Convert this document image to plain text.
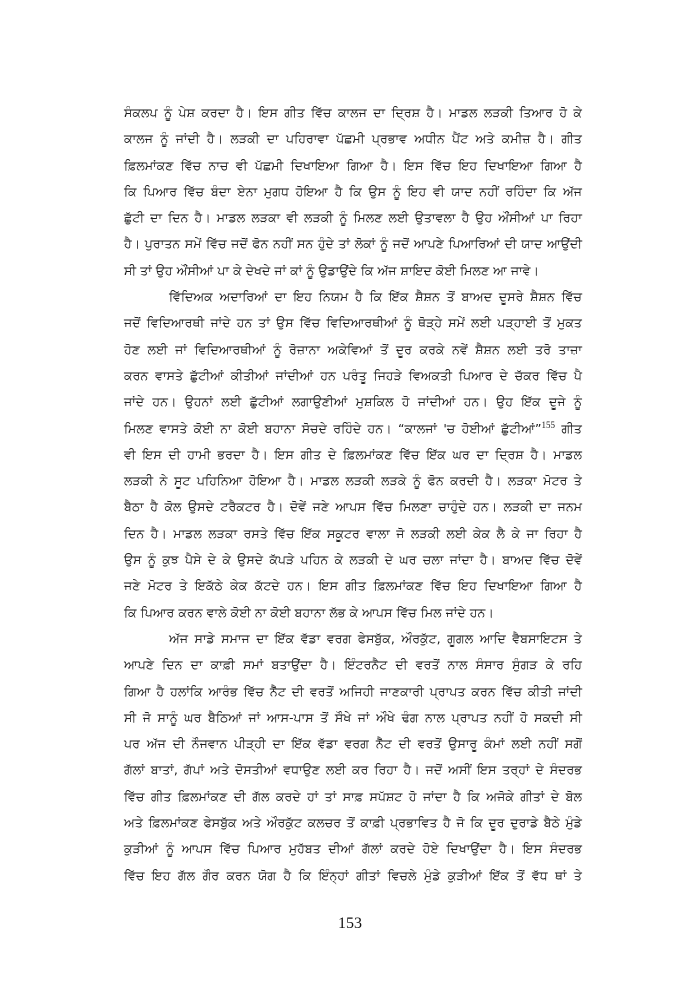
ਸੰਕਲਪ ਨੂੰ ਪੇਸ਼ ਕਰਦਾ ਹੈ। ਇਸ ਗੀਤ ਵਿੱਚ ਕਾਲਜ ਦਾ ਦ੍ਰਿਸ਼ ਹੈ। ਮਾਡਲ ਲੜਕੀ ਤਿਆਰ ਹੋ ਕੇ
ਕਾਲਜ ਨੂੰ ਜਾਂਦੀ ਹੈ। ਲੜਕੀ ਦਾ ਪਹਿਰਾਵਾ ਪੱਛਮੀ ਪ੍ਰਭਾਵ ਅਧੀਨ ਪੈਂਟ ਅਤੇ ਕਮੀਜ਼ ਹੈ। ਗੀਤ
ਫ਼ਿਲਮਾਂਕਣ ਵਿੱਚ ਨਾਚ ਵੀ ਪੱਛਮੀ ਦਿਖਾਇਆ ਗਿਆ ਹੈ। ਇਸ ਵਿੱਚ ਇਹ ਦਿਖਾਇਆ ਗਿਆ ਹੈ
ਕਿ ਪਿਆਰ ਵਿੱਚ ਬੰਦਾ ਏਨਾ ਮੁਗਧ ਹੋਇਆ ਹੈ ਕਿ ਉਸ ਨੂੰ ਇਹ ਵੀ ਯਾਦ ਨਹੀਂ ਰਹਿੰਦਾ ਕਿ ਅੱਜ
ਛੁੱਟੀ ਦਾ ਦਿਨ ਹੈ। ਮਾਡਲ ਲੜਕਾ ਵੀ ਲੜਕੀ ਨੂੰ ਮਿਲਣ ਲਈ ਉਤਾਵਲਾ ਹੈ ਉਹ ਔਂਸੀਆਂ ਪਾ ਰਿਹਾ
ਹੈ। ਪੁਰਾਤਨ ਸਮੇਂ ਵਿੱਚ ਜਦੋਂ ਫੋਨ ਨਹੀਂ ਸਨ ਹੁੰਦੇ ਤਾਂ ਲੋਕਾਂ ਨੂੰ ਜਦੋਂ ਆਪਣੇ ਪਿਆਰਿਆਂ ਦੀ ਯਾਦ ਆਉਂਦੀ
ਸੀ ਤਾਂ ਉਹ ਔਂਸੀਆਂ ਪਾ ਕੇ ਦੇਖਦੇ ਜਾਂ ਕਾਂ ਨੂੰ ਉਡਾਉਂਦੇ ਕਿ ਅੱਜ ਸ਼ਾਇਦ ਕੋਈ ਮਿਲਣ ਆ ਜਾਵੇ।
ਵਿੱਦਿਅਕ ਅਦਾਰਿਆਂ ਦਾ ਇਹ ਨਿਯਮ ਹੈ ਕਿ ਇੱਕ ਸ਼ੈਸ਼ਨ ਤੋਂ ਬਾਅਦ ਦੂਸਰੇ ਸ਼ੈਸ਼ਨ ਵਿੱਚ
ਜਦੋਂ ਵਿਦਿਆਰਥੀ ਜਾਂਦੇ ਹਨ ਤਾਂ ਉਸ ਵਿੱਚ ਵਿਦਿਆਰਥੀਆਂ ਨੂੰ ਥੋੜ੍ਹੇ ਸਮੇਂ ਲਈ ਪੜ੍ਹਾਈ ਤੋਂ ਮੁਕਤ
ਹੋਣ ਲਈ ਜਾਂ ਵਿਦਿਆਰਥੀਆਂ ਨੂੰ ਰੋਜ਼ਾਨਾ ਅਕੇਵਿਆਂ ਤੋਂ ਦੂਰ ਕਰਕੇ ਨਵੇਂ ਸ਼ੈਸ਼ਨ ਲਈ ਤਰੋ ਤਾਜ਼ਾ
ਕਰਨ ਵਾਸਤੇ ਛੁੱਟੀਆਂ ਕੀਤੀਆਂ ਜਾਂਦੀਆਂ ਹਨ ਪਰੰਤੂ ਜਿਹੜੇ ਵਿਅਕਤੀ ਪਿਆਰ ਦੇ ਚੱਕਰ ਵਿੱਚ ਪੈ
ਜਾਂਦੇ ਹਨ। ਉਹਨਾਂ ਲਈ ਛੁੱਟੀਆਂ ਲਗਾਉਣੀਆਂ ਮੁਸ਼ਕਿਲ ਹੋ ਜਾਂਦੀਆਂ ਹਨ। ਉਹ ਇੱਕ ਦੂਜੇ ਨੂੰ
ਮਿਲਣ ਵਾਸਤੇ ਕੋਈ ਨਾ ਕੋਈ ਬਹਾਨਾ ਸੋਚਦੇ ਰਹਿੰਦੇ ਹਨ। “ਕਾਲਜਾਂ 'ਚ ਹੋਈਆਂ ਛੁੱਟੀਆਂ”$^{155}$ ਗੀਤ
ਵੀ ਇਸ ਦੀ ਹਾਮੀ ਭਰਦਾ ਹੈ। ਇਸ ਗੀਤ ਦੇ ਫ਼ਿਲਮਾਂਕਣ ਵਿੱਚ ਇੱਕ ਘਰ ਦਾ ਦ੍ਰਿਸ਼ ਹੈ। ਮਾਡਲ
ਲੜਕੀ ਨੇ ਸੂਟ ਪਹਿਨਿਆ ਹੋਇਆ ਹੈ। ਮਾਡਲ ਲੜਕੀ ਲੜਕੇ ਨੂੰ ਫੋਨ ਕਰਦੀ ਹੈ। ਲੜਕਾ ਮੋਟਰ ਤੇ
ਬੈਠਾ ਹੈ ਕੋਲ ਉਸਦੇ ਟਰੈਕਟਰ ਹੈ। ਦੋਵੇਂ ਜਣੇ ਆਪਸ ਵਿੱਚ ਮਿਲਣਾ ਚਾਹੁੰਦੇ ਹਨ। ਲੜਕੀ ਦਾ ਜਨਮ
ਦਿਨ ਹੈ। ਮਾਡਲ ਲੜਕਾ ਰਸਤੇ ਵਿੱਚ ਇੱਕ ਸਕੂਟਰ ਵਾਲਾ ਜੋ ਲੜਕੀ ਲਈ ਕੇਕ ਲੈ ਕੇ ਜਾ ਰਿਹਾ ਹੈ
ਉਸ ਨੂੰ ਕੁਝ ਪੈਸੇ ਦੇ ਕੇ ਉਸਦੇ ਕੱਪੜੇ ਪਹਿਨ ਕੇ ਲੜਕੀ ਦੇ ਘਰ ਚਲਾ ਜਾਂਦਾ ਹੈ। ਬਾਅਦ ਵਿੱਚ ਦੋਵੇਂ
ਜਣੇ ਮੋਟਰ ਤੇ ਇਕੱਠੇ ਕੇਕ ਕੱਟਦੇ ਹਨ। ਇਸ ਗੀਤ ਫ਼ਿਲਮਾਂਕਣ ਵਿੱਚ ਇਹ ਦਿਖਾਇਆ ਗਿਆ ਹੈ
ਕਿ ਪਿਆਰ ਕਰਨ ਵਾਲੇ ਕੋਈ ਨਾ ਕੋਈ ਬਹਾਨਾ ਲੱਭ ਕੇ ਆਪਸ ਵਿੱਚ ਮਿਲ ਜਾਂਦੇ ਹਨ।
ਅੱਜ ਸਾਡੇ ਸਮਾਜ ਦਾ ਇੱਕ ਵੱਡਾ ਵਰਗ ਫੇਸਬੁੱਕ, ਔਰਕੁੱਟ, ਗੂਗਲ ਆਦਿ ਵੈਬਸਾਇਟਸ ਤੇ
ਆਪਣੇ ਦਿਨ ਦਾ ਕਾਫ਼ੀ ਸਮਾਂ ਬਤਾਉਂਦਾ ਹੈ। ਇੰਟਰਨੈਟ ਦੀ ਵਰਤੋਂ ਨਾਲ ਸੰਸਾਰ ਸੁੰਗੜ ਕੇ ਰਹਿ
ਗਿਆ ਹੈ ਹਲਾਂਕਿ ਆਰੰਭ ਵਿੱਚ ਨੈੱਟ ਦੀ ਵਰਤੋਂ ਅਜਿਹੀ ਜਾਣਕਾਰੀ ਪ੍ਰਾਪਤ ਕਰਨ ਵਿੱਚ ਕੀਤੀ ਜਾਂਦੀ
ਸੀ ਜੋ ਸਾਨੂੰ ਘਰ ਬੈਠਿਆਂ ਜਾਂ ਆਸ-ਪਾਸ ਤੋਂ ਸੌਖੇ ਜਾਂ ਔਖੇ ਢੰਗ ਨਾਲ ਪ੍ਰਾਪਤ ਨਹੀਂ ਹੋ ਸਕਦੀ ਸੀ
ਪਰ ਅੱਜ ਦੀ ਨੌਜਵਾਨ ਪੀੜ੍ਹੀ ਦਾ ਇੱਕ ਵੱਡਾ ਵਰਗ ਨੈੱਟ ਦੀ ਵਰਤੋਂ ਉਸਾਰੂ ਕੰਮਾਂ ਲਈ ਨਹੀਂ ਸਗੋਂ
ਗੱਲਾਂ ਬਾਤਾਂ, ਗੱਪਾਂ ਅਤੇ ਦੋਸਤੀਆਂ ਵਧਾਉਣ ਲਈ ਕਰ ਰਿਹਾ ਹੈ। ਜਦੋਂ ਅਸੀਂ ਇਸ ਤਰ੍ਹਾਂ ਦੇ ਸੰਦਰਭ
ਵਿੱਚ ਗੀਤ ਫ਼ਿਲਮਾਂਕਣ ਦੀ ਗੱਲ ਕਰਦੇ ਹਾਂ ਤਾਂ ਸਾਫ਼ ਸਪੱਸ਼ਟ ਹੋ ਜਾਂਦਾ ਹੈ ਕਿ ਅਜੋਕੇ ਗੀਤਾਂ ਦੇ ਬੋਲ
ਅਤੇ ਫ਼ਿਲਮਾਂਕਣ ਫੇਸਬੁੱਕ ਅਤੇ ਔਰਕੁੱਟ ਕਲਚਰ ਤੋਂ ਕਾਫ਼ੀ ਪ੍ਰਭਾਵਿਤ ਹੈ ਜੋ ਕਿ ਦੂਰ ਦੁਰਾਡੇ ਬੈਠੇ ਮੁੰਡੇ
ਕੁੜੀਆਂ ਨੂੰ ਆਪਸ ਵਿੱਚ ਪਿਆਰ ਮੁਹੱਬਤ ਦੀਆਂ ਗੱਲਾਂ ਕਰਦੇ ਹੋਏ ਦਿਖਾਉਂਦਾ ਹੈ। ਇਸ ਸੰਦਰਭ
ਵਿੱਚ ਇਹ ਗੱਲ ਗੌਰ ਕਰਨ ਯੋਗ ਹੈ ਕਿ ਇੰਨ੍ਹਾਂ ਗੀਤਾਂ ਵਿਚਲੇ ਮੁੰਡੇ ਕੁੜੀਆਂ ਇੱਕ ਤੋਂ ਵੱਧ ਥਾਂ ਤੇ
153
